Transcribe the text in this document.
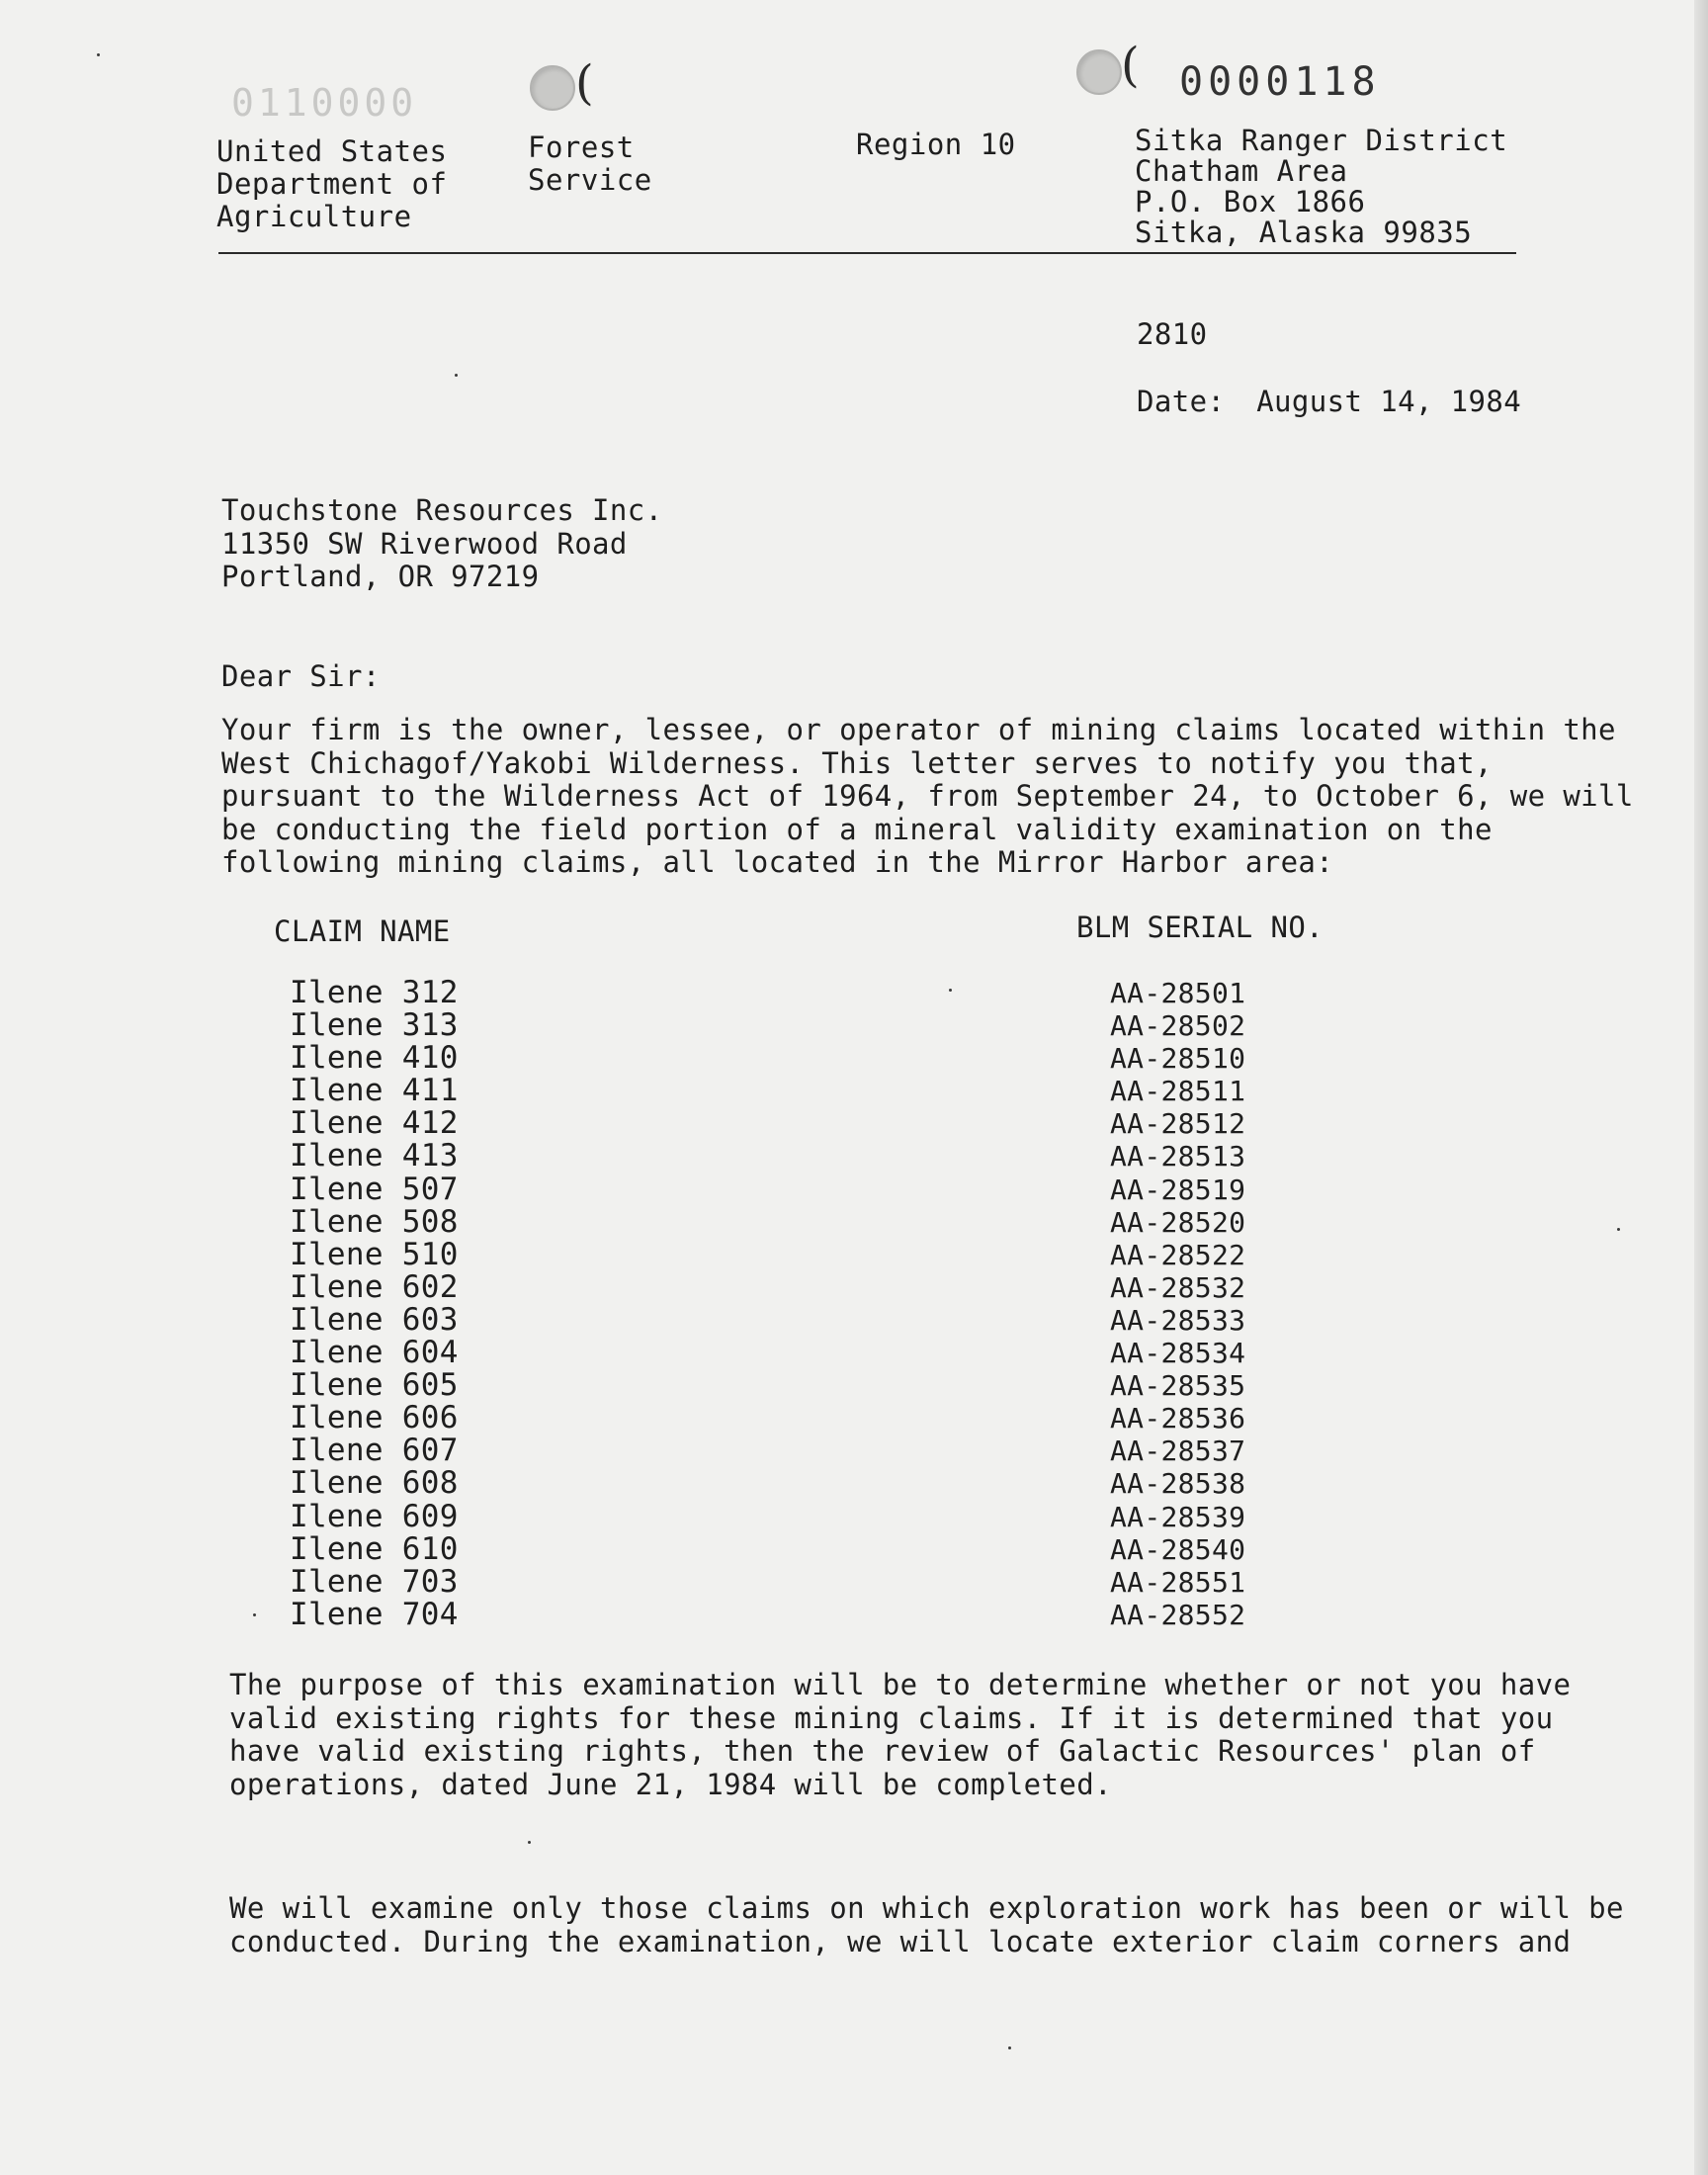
0110000	(	( 0000118
United States
Department of
Agriculture
Forest
Service
Region 10	Sitka Ranger District
Chatham Area
P.O. Box 1866
Sitka, Alaska 99835
2810
Date: August 14, 1984
Touchstone Resources Inc.
11350 SW Riverwood Road
Portland, OR 97219
Dear Sir:
Your firm is the owner, lessee, or operator of mining claims located within the
West Chichagof/Yakobi Wilderness. This letter serves to notify you that,
pursuant to the Wilderness Act of 1964, from September 24, to October 6, we will
be conducting the field portion of a mineral validity examination on the
following mining claims, all located in the Mirror Harbor area:
CLAIM NAME	BLM SERIAL NO.
Ilene 312	AA-28501
Ilene 313	AA-28502
Ilene 410	AA-28510
Ilene 411	AA-28511
Ilene 412	AA-28512
Ilene 413	AA-28513
Ilene 507	AA-28519
Ilene 508	AA-28520
Ilene 510	AA-28522
Ilene 602	AA-28532
Ilene 603	AA-28533
Ilene 604	AA-28534
Ilene 605	AA-28535
Ilene 606	AA-28536
Ilene 607	AA-28537
Ilene 608	AA-28538
Ilene 609	AA-28539
Ilene 610	AA-28540
Ilene 703	AA-28551
Ilene 704	AA-28552
The purpose of this examination will be to determine whether or not you have
valid existing rights for these mining claims. If it is determined that you
have valid existing rights, then the review of Galactic Resources' plan of
operations, dated June 21, 1984 will be completed.
We will examine only those claims on which exploration work has been or will be
conducted. During the examination, we will locate exterior claim corners and
